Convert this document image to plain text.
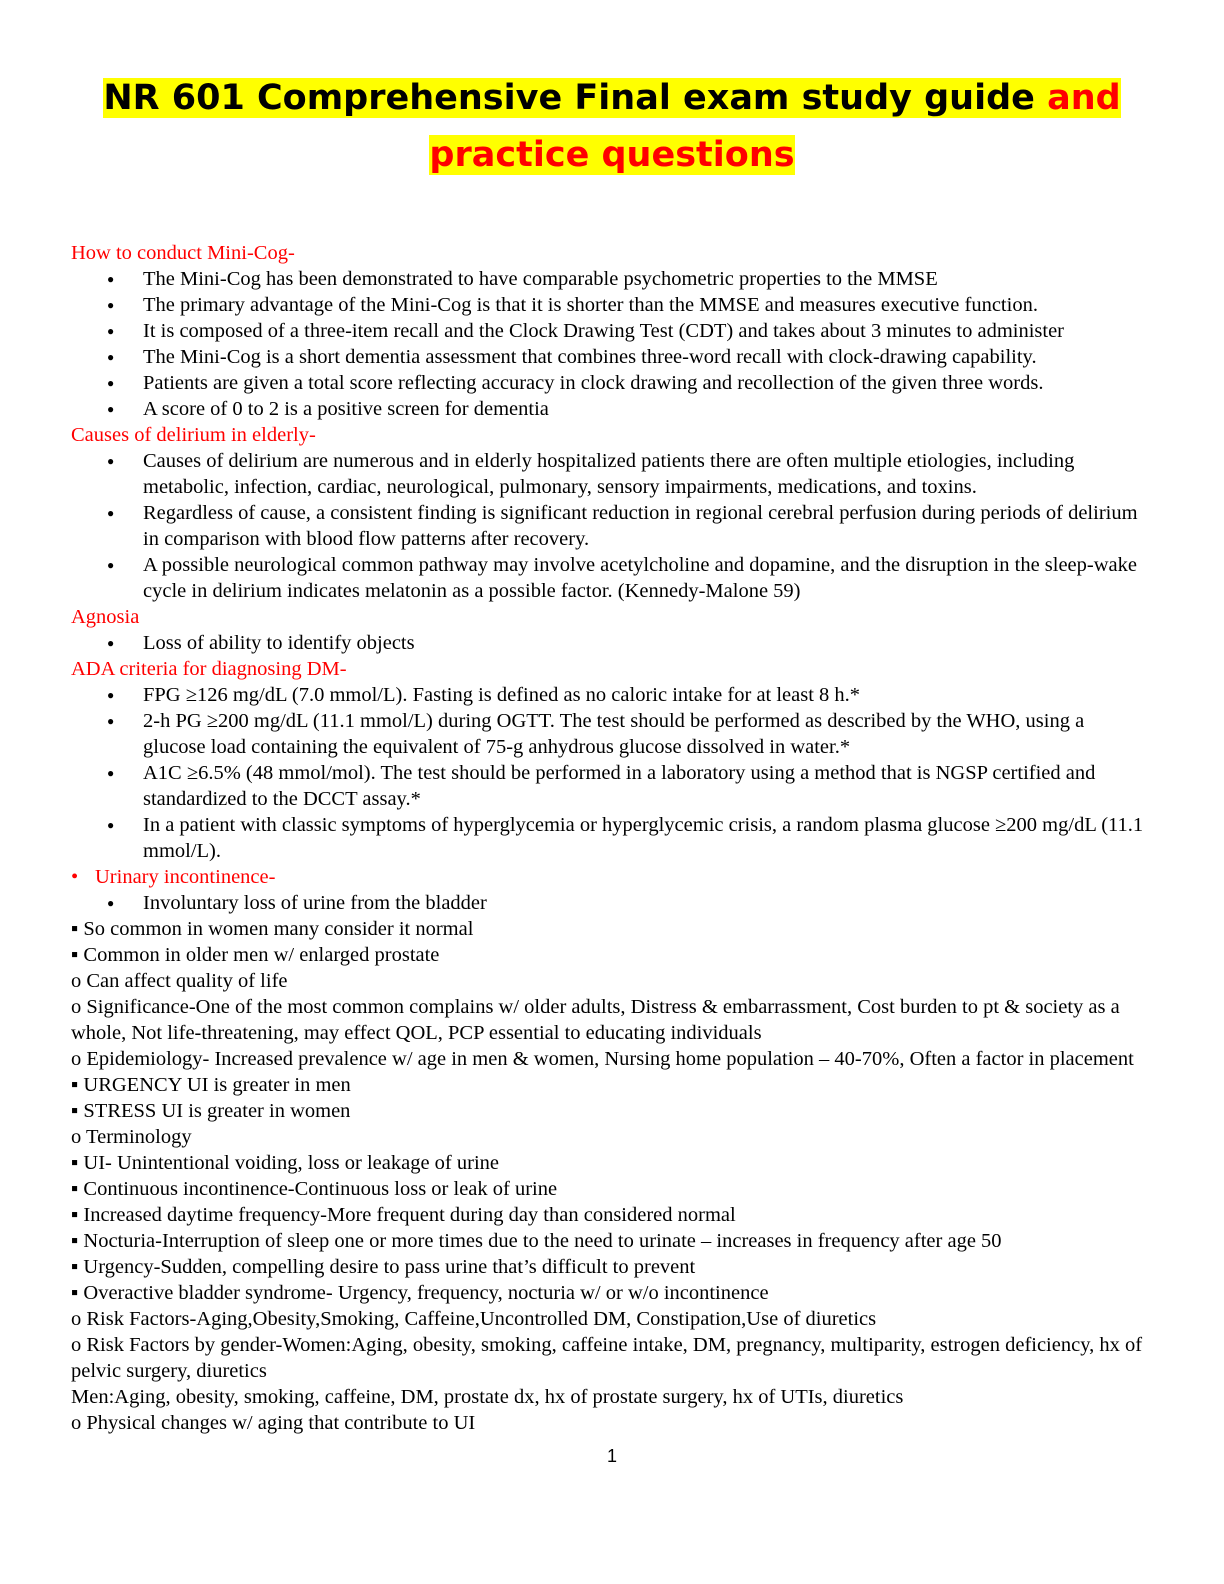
NR 601 Comprehensive Final exam study guide and
practice questions
How to conduct Mini-Cog-
● The Mini-Cog has been demonstrated to have comparable psychometric properties to the MMSE
● The primary advantage of the Mini-Cog is that it is shorter than the MMSE and measures executive function.
● It is composed of a three-item recall and the Clock Drawing Test (CDT) and takes about 3 minutes to administer
● The Mini-Cog is a short dementia assessment that combines three-word recall with clock-drawing capability.
● Patients are given a total score reflecting accuracy in clock drawing and recollection of the given three words.
● A score of 0 to 2 is a positive screen for dementia
Causes of delirium in elderly-
● Causes of delirium are numerous and in elderly hospitalized patients there are often multiple etiologies, including metabolic, infection, cardiac, neurological, pulmonary, sensory impairments, medications, and toxins.
● Regardless of cause, a consistent finding is significant reduction in regional cerebral perfusion during periods of delirium in comparison with blood flow patterns after recovery.
● A possible neurological common pathway may involve acetylcholine and dopamine, and the disruption in the sleep-wake cycle in delirium indicates melatonin as a possible factor. (Kennedy-Malone 59)
Agnosia
● Loss of ability to identify objects
ADA criteria for diagnosing DM-
● FPG ≥126 mg/dL (7.0 mmol/L). Fasting is defined as no caloric intake for at least 8 h.*
● 2-h PG ≥200 mg/dL (11.1 mmol/L) during OGTT. The test should be performed as described by the WHO, using a glucose load containing the equivalent of 75-g anhydrous glucose dissolved in water.*
● A1C ≥6.5% (48 mmol/mol). The test should be performed in a laboratory using a method that is NGSP certified and standardized to the DCCT assay.*
● In a patient with classic symptoms of hyperglycemia or hyperglycemic crisis, a random plasma glucose ≥200 mg/dL (11.1 mmol/L).
• Urinary incontinence-
● Involuntary loss of urine from the bladder
▪ So common in women many consider it normal
▪ Common in older men w/ enlarged prostate
o Can affect quality of life
o Significance-One of the most common complains w/ older adults, Distress & embarrassment, Cost burden to pt & society as a whole, Not life-threatening, may effect QOL, PCP essential to educating individuals
o Epidemiology- Increased prevalence w/ age in men & women, Nursing home population – 40-70%, Often a factor in placement
▪ URGENCY UI is greater in men
▪ STRESS UI is greater in women
o Terminology
▪ UI- Unintentional voiding, loss or leakage of urine
▪ Continuous incontinence-Continuous loss or leak of urine
▪ Increased daytime frequency-More frequent during day than considered normal
▪ Nocturia-Interruption of sleep one or more times due to the need to urinate – increases in frequency after age 50
▪ Urgency-Sudden, compelling desire to pass urine that’s difficult to prevent
▪ Overactive bladder syndrome- Urgency, frequency, nocturia w/ or w/o incontinence
o Risk Factors-Aging,Obesity,Smoking, Caffeine,Uncontrolled DM, Constipation,Use of diuretics
o Risk Factors by gender-Women:Aging, obesity, smoking, caffeine intake, DM, pregnancy, multiparity, estrogen deficiency, hx of pelvic surgery, diuretics
Men:Aging, obesity, smoking, caffeine, DM, prostate dx, hx of prostate surgery, hx of UTIs, diuretics
o Physical changes w/ aging that contribute to UI
1
